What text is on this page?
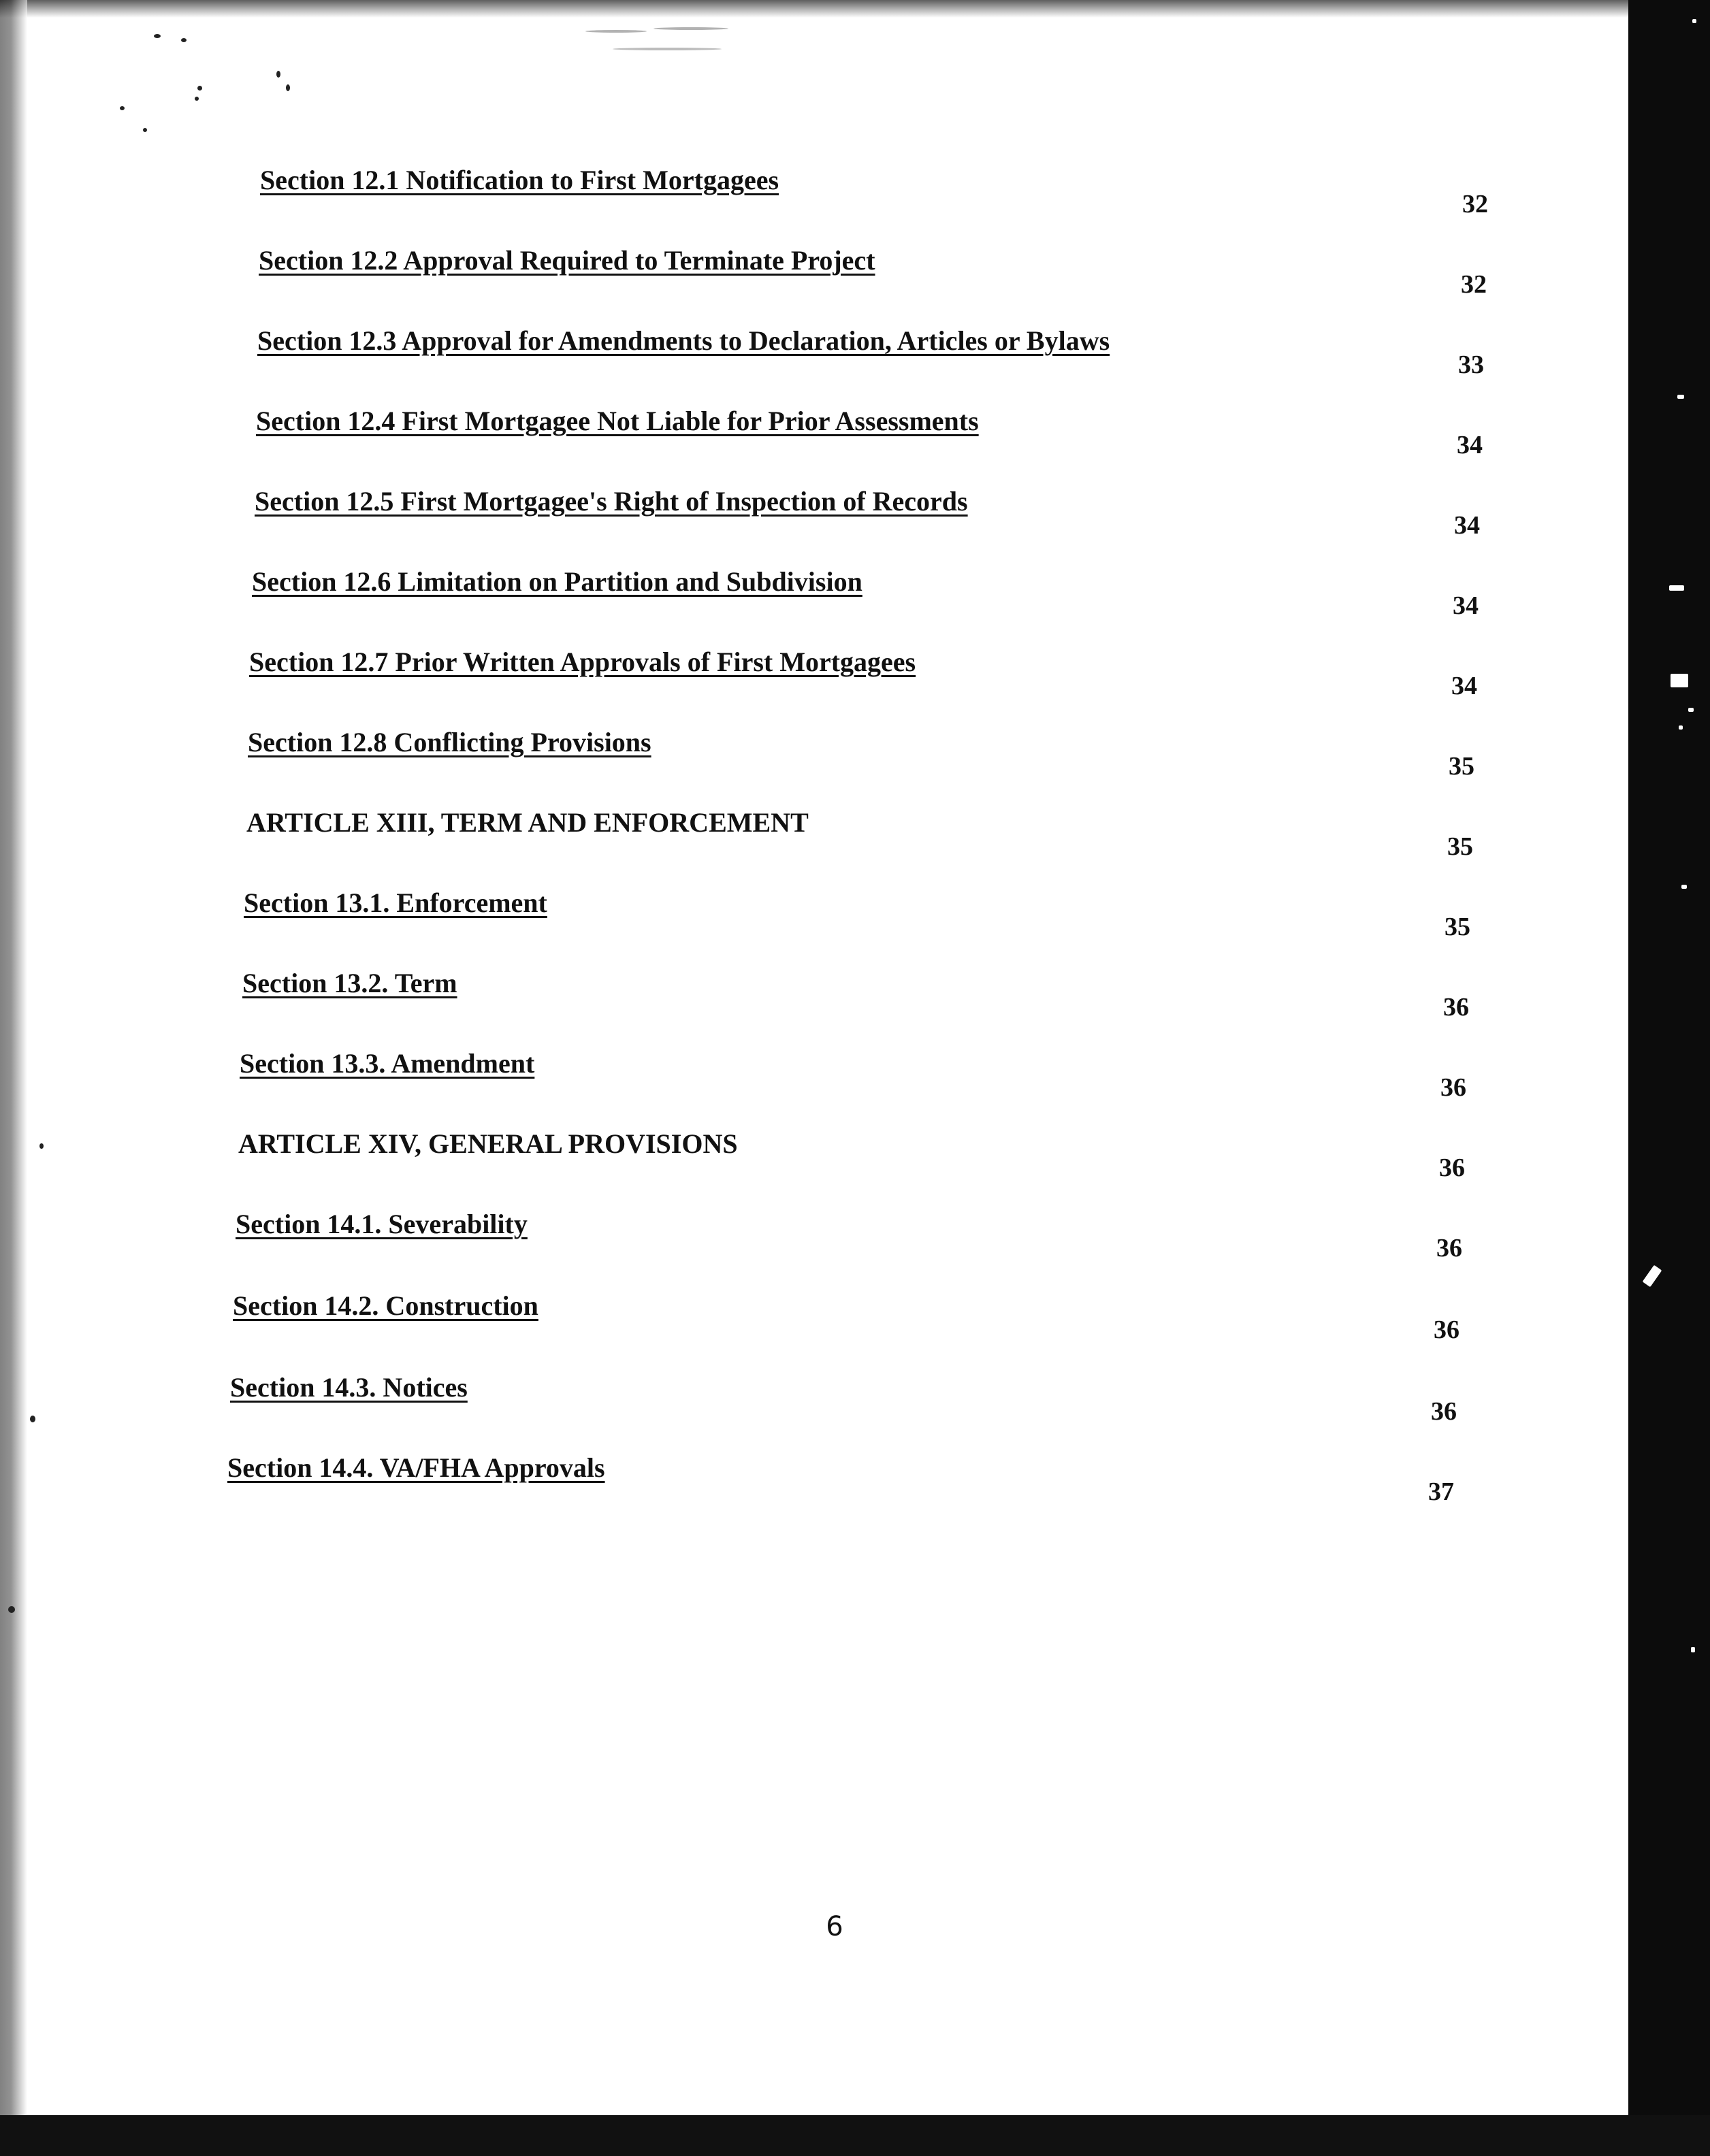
Section 12.1 Notification to First Mortgagees
32
Section 12.2 Approval Required to Terminate Project
32
Section 12.3 Approval for Amendments to Declaration, Articles or Bylaws
33
Section 12.4 First Mortgagee Not Liable for Prior Assessments
34
Section 12.5 First Mortgagee's Right of Inspection of Records
34
Section 12.6 Limitation on Partition and Subdivision
34
Section 12.7 Prior Written Approvals of First Mortgagees
34
Section 12.8 Conflicting Provisions
35
ARTICLE XIII, TERM AND ENFORCEMENT
35
Section 13.1. Enforcement
35
Section 13.2. Term
36
Section 13.3. Amendment
36
ARTICLE XIV, GENERAL PROVISIONS
36
Section 14.1. Severability
36
Section 14.2. Construction
36
Section 14.3. Notices
36
Section 14.4. VA/FHA Approvals
37
6
